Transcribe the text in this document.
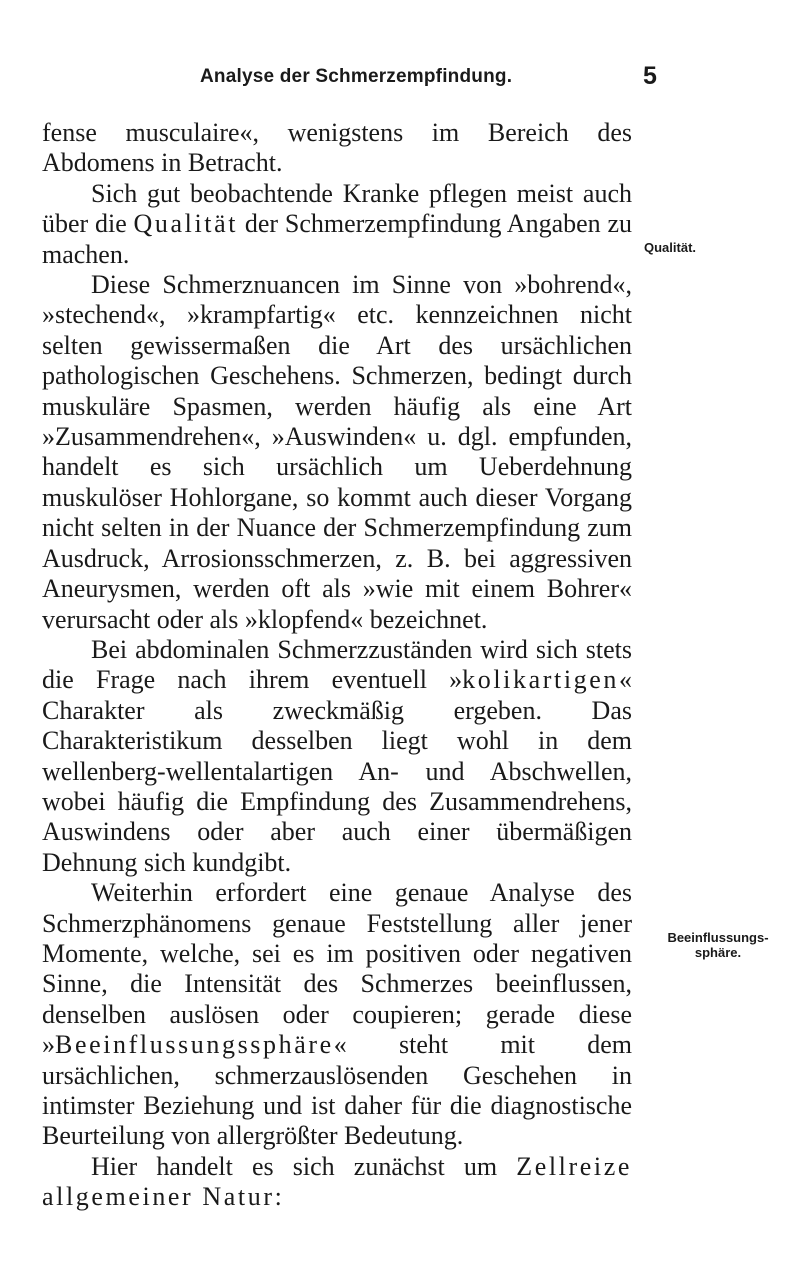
Analyse der Schmerzempfindung.	5

fense musculaire«, wenigstens im Bereich des Abdomens in Betracht.

Sich gut beobachtende Kranke pflegen meist auch über die Qualität der Schmerzempfindung Angaben zu machen.

Diese Schmerznuancen im Sinne von »bohrend«, »stechend«, »krampfartig« etc. kennzeichnen nicht selten gewissermaßen die Art des ursächlichen pathologischen Geschehens. Schmerzen, bedingt durch muskuläre Spasmen, werden häufig als eine Art »Zusammendrehen«, »Auswinden« u. dgl. empfunden, handelt es sich ursächlich um Ueberdehnung muskulöser Hohlorgane, so kommt auch dieser Vorgang nicht selten in der Nuance der Schmerzempfindung zum Ausdruck, Arrosionsschmerzen, z. B. bei aggressiven Aneurysmen, werden oft als »wie mit einem Bohrer« verursacht oder als »klopfend« bezeichnet.

Bei abdominalen Schmerzzuständen wird sich stets die Frage nach ihrem eventuell »kolikartigen« Charakter als zweckmäßig ergeben. Das Charakteristikum desselben liegt wohl in dem wellenberg-wellentalartigen An- und Abschwellen, wobei häufig die Empfindung des Zusammendrehens, Auswindens oder aber auch einer übermäßigen Dehnung sich kundgibt.

Weiterhin erfordert eine genaue Analyse des Schmerzphänomens genaue Feststellung aller jener Momente, welche, sei es im positiven oder negativen Sinne, die Intensität des Schmerzes beeinflussen, denselben auslösen oder coupieren; gerade diese »Beeinflussungssphäre« steht mit dem ursächlichen, schmerzauslösenden Geschehen in intimster Beziehung und ist daher für die diagnostische Beurteilung von allergrößter Bedeutung.

Hier handelt es sich zunächst um Zellreize allgemeiner Natur:

Qualität.
Beeinflussungs-
sphäre.
